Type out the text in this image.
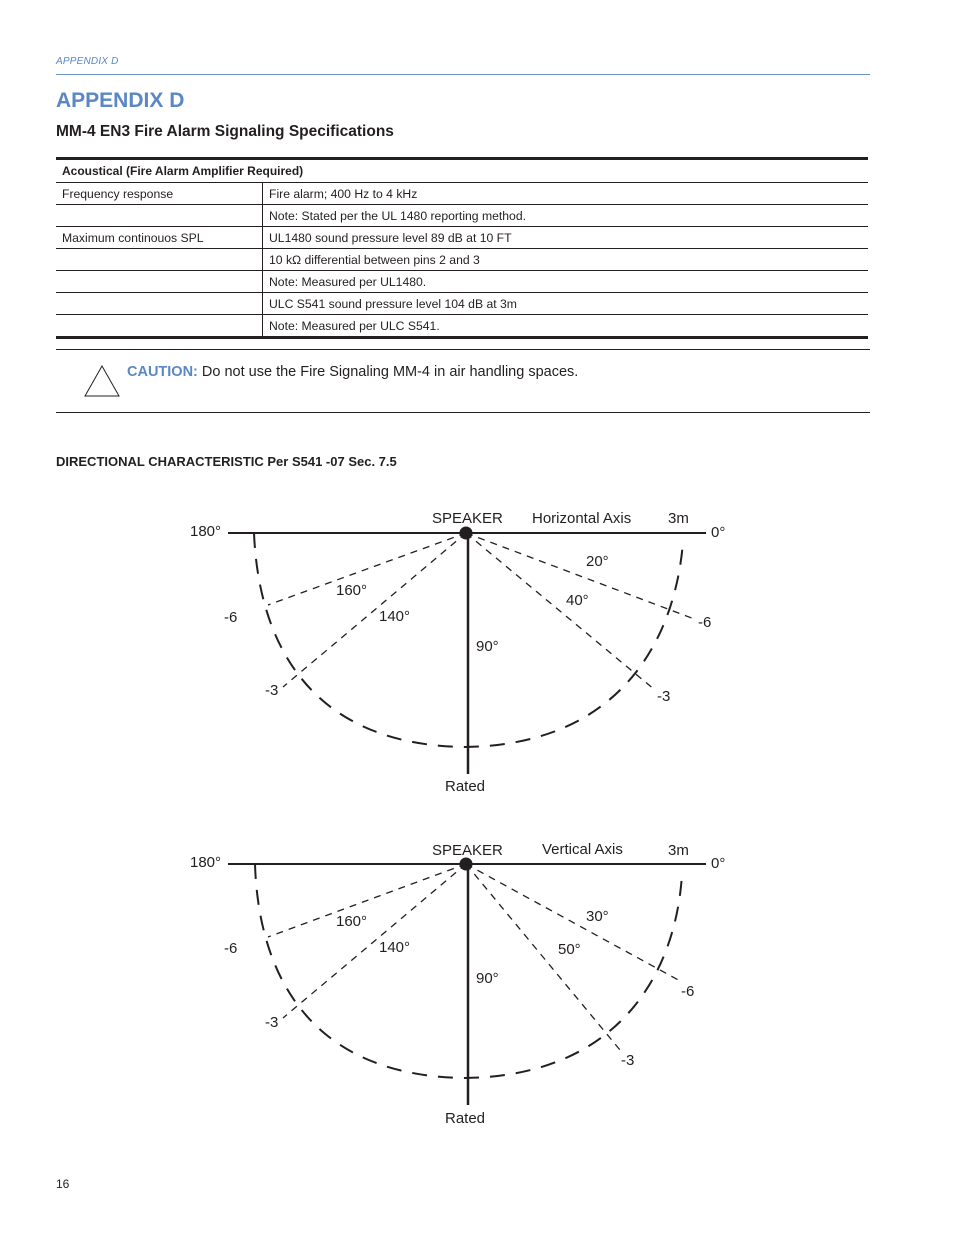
APPENDIX D
APPENDIX D
MM-4 EN3 Fire Alarm Signaling Specifications
Acoustical (Fire Alarm Amplifier Required)	
Frequency response	Fire alarm; 400 Hz to 4 kHz
	Note: Stated per the UL 1480 reporting method.
Maximum continouos SPL	UL1480 sound pressure level 89 dB at 10 FT
	10 kΩ differential between pins 2 and 3
	Note: Measured per UL1480.
	ULC S541 sound pressure level 104 dB at 3m
	Note: Measured per ULC S541.
CAUTION: Do not use the Fire Signaling MM-4 in air handling spaces.
DIRECTIONAL CHARACTERISTIC Per S541 -07 Sec. 7.5
SPEAKER Horizontal Axis 3m
180°	0°
160°
140°
90°
20°
40°
-6
-3
-6
-3
Rated
SPEAKER	Vertical Axis	3m
180°	0°
160°
140°
90°
30°
50°
-6
-3
-6
-3
Rated
16
